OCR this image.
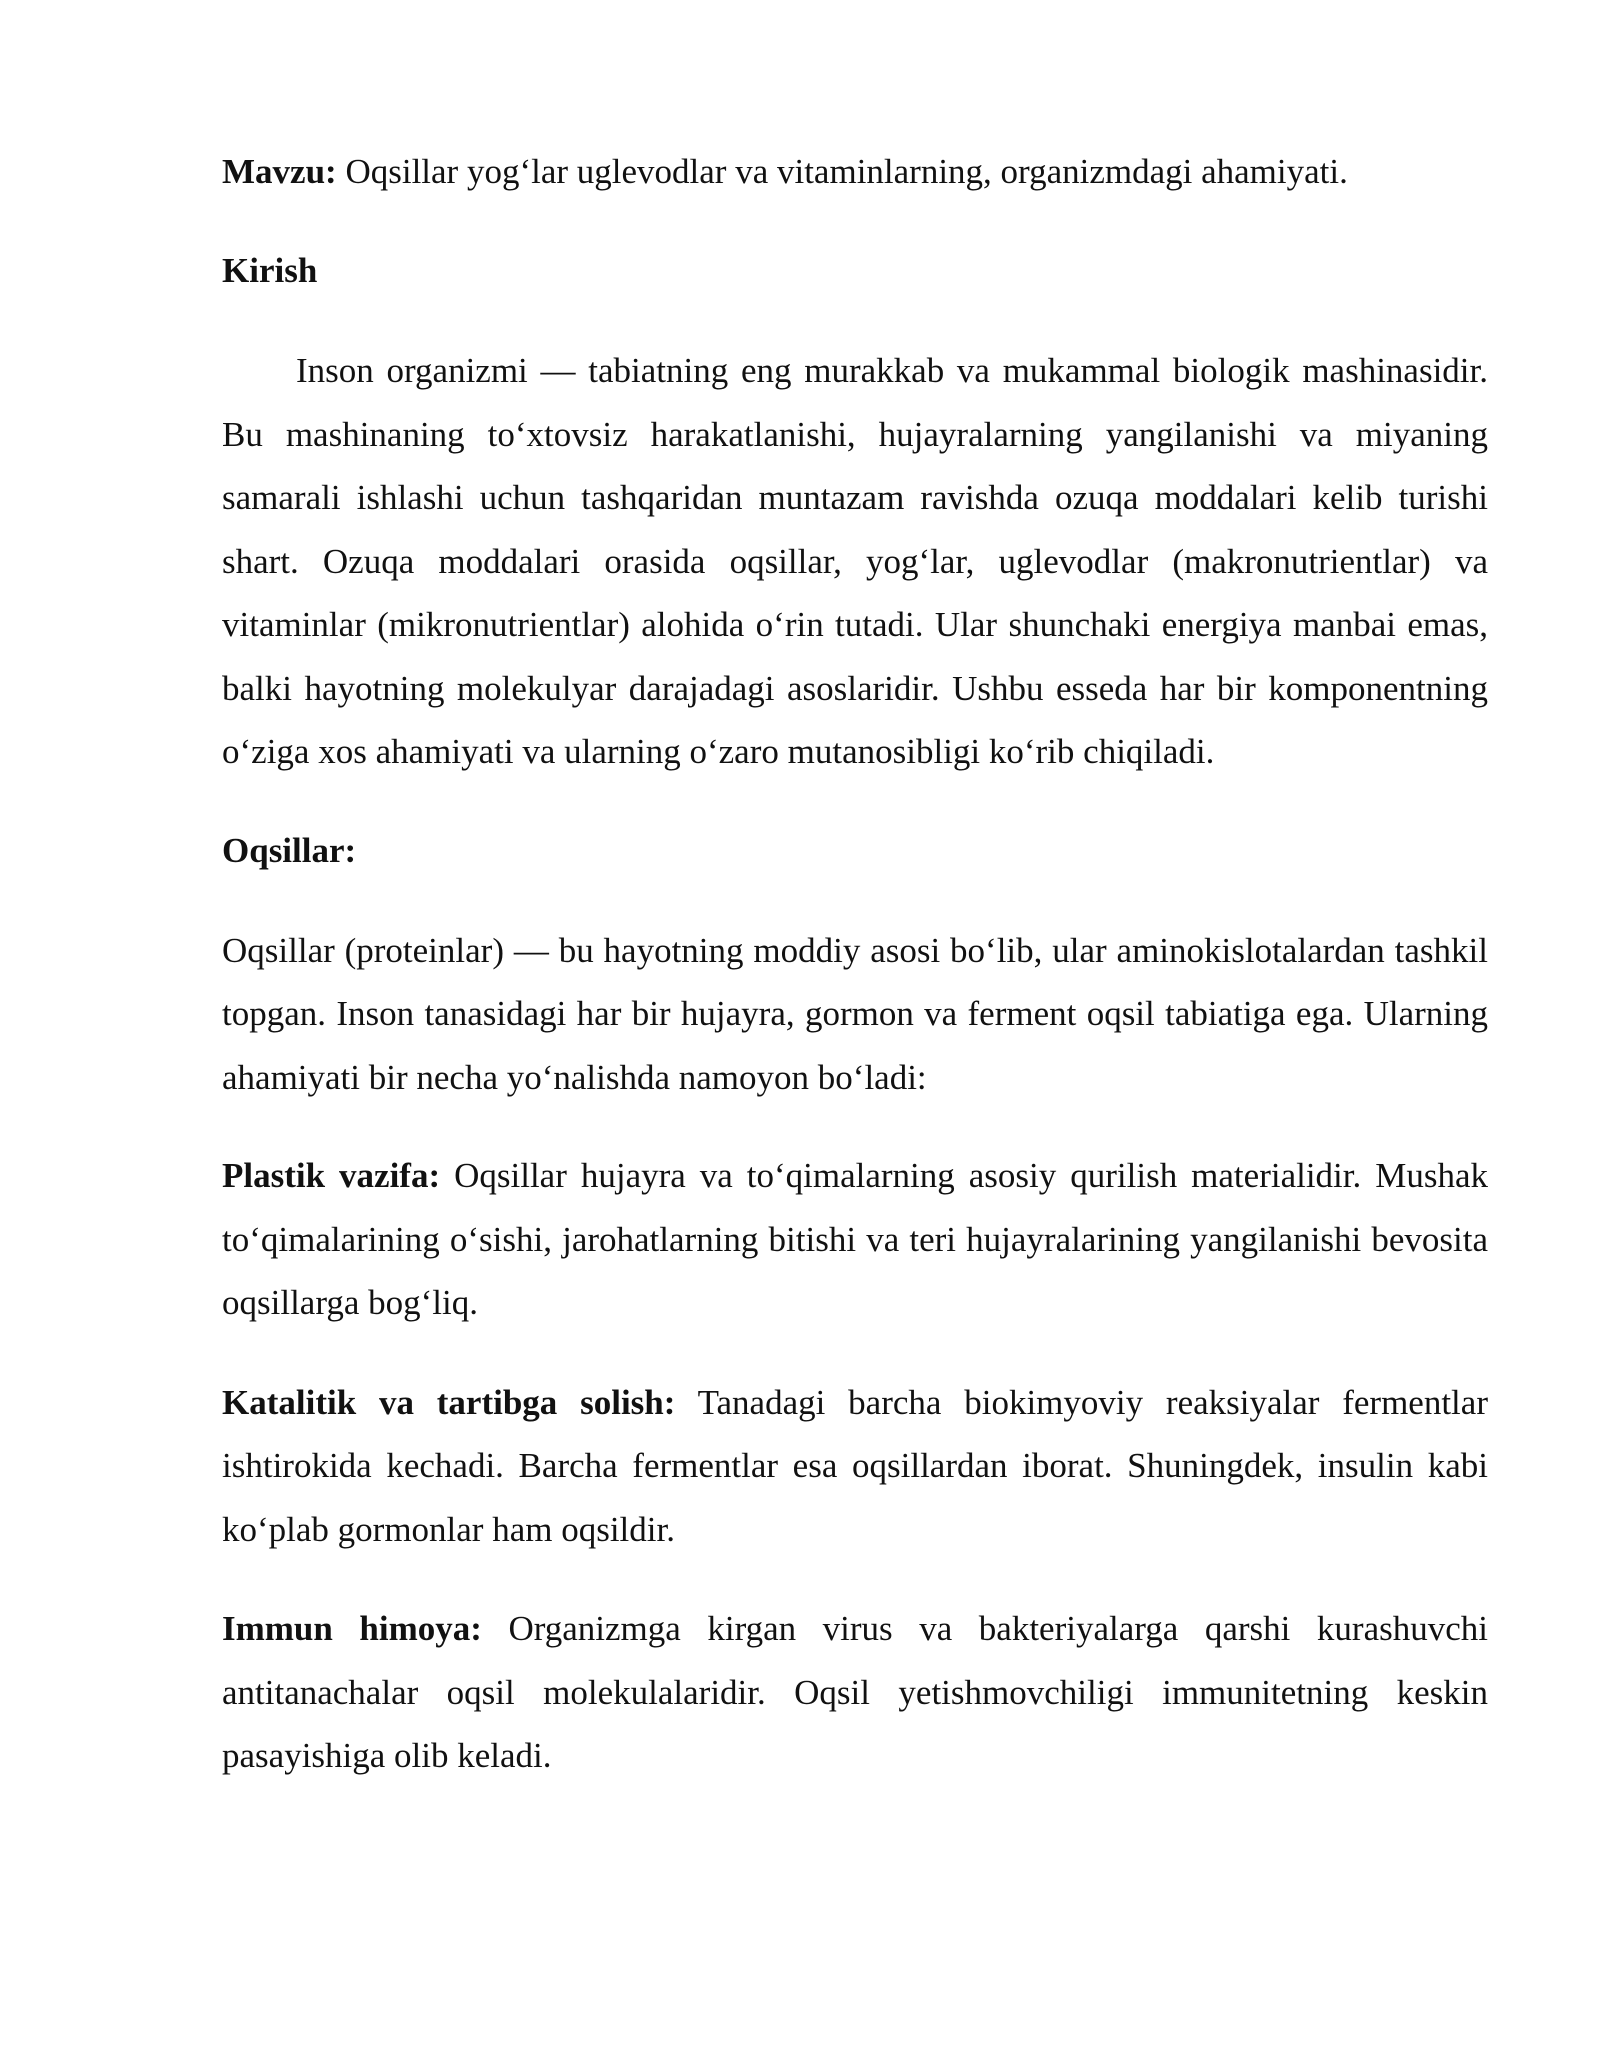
Mavzu: Oqsillar yog‘lar uglevodlar va vitaminlarning, organizmdagi ahamiyati.

Kirish

Inson organizmi — tabiatning eng murakkab va mukammal biologik mashinasidir. Bu mashinaning to‘xtovsiz harakatlanishi, hujayralarning yangilanishi va miyaning samarali ishlashi uchun tashqaridan muntazam ravishda ozuqa moddalari kelib turishi shart. Ozuqa moddalari orasida oqsillar, yog‘lar, uglevodlar (makronutrientlar) va vitaminlar (mikronutrientlar) alohida o‘rin tutadi. Ular shunchaki energiya manbai emas, balki hayotning molekulyar darajadagi asoslaridir. Ushbu esseda har bir komponentning o‘ziga xos ahamiyati va ularning o‘zaro mutanosibligi ko‘rib chiqiladi.

Oqsillar:

Oqsillar (proteinlar) — bu hayotning moddiy asosi bo‘lib, ular aminokislotalardan tashkil topgan. Inson tanasidagi har bir hujayra, gormon va ferment oqsil tabiatiga ega. Ularning ahamiyati bir necha yo‘nalishda namoyon bo‘ladi:

Plastik vazifa: Oqsillar hujayra va to‘qimalarning asosiy qurilish materialidir. Mushak to‘qimalarining o‘sishi, jarohatlarning bitishi va teri hujayralarining yangilanishi bevosita oqsillarga bog‘liq.

Katalitik va tartibga solish: Tanadagi barcha biokimyoviy reaksiyalar fermentlar ishtirokida kechadi. Barcha fermentlar esa oqsillardan iborat. Shuningdek, insulin kabi ko‘plab gormonlar ham oqsildir.

Immun himoya: Organizmga kirgan virus va bakteriyalarga qarshi kurashuvchi antitanachalar oqsil molekulalaridir. Oqsil yetishmovchiligi immunitetning keskin pasayishiga olib keladi.
